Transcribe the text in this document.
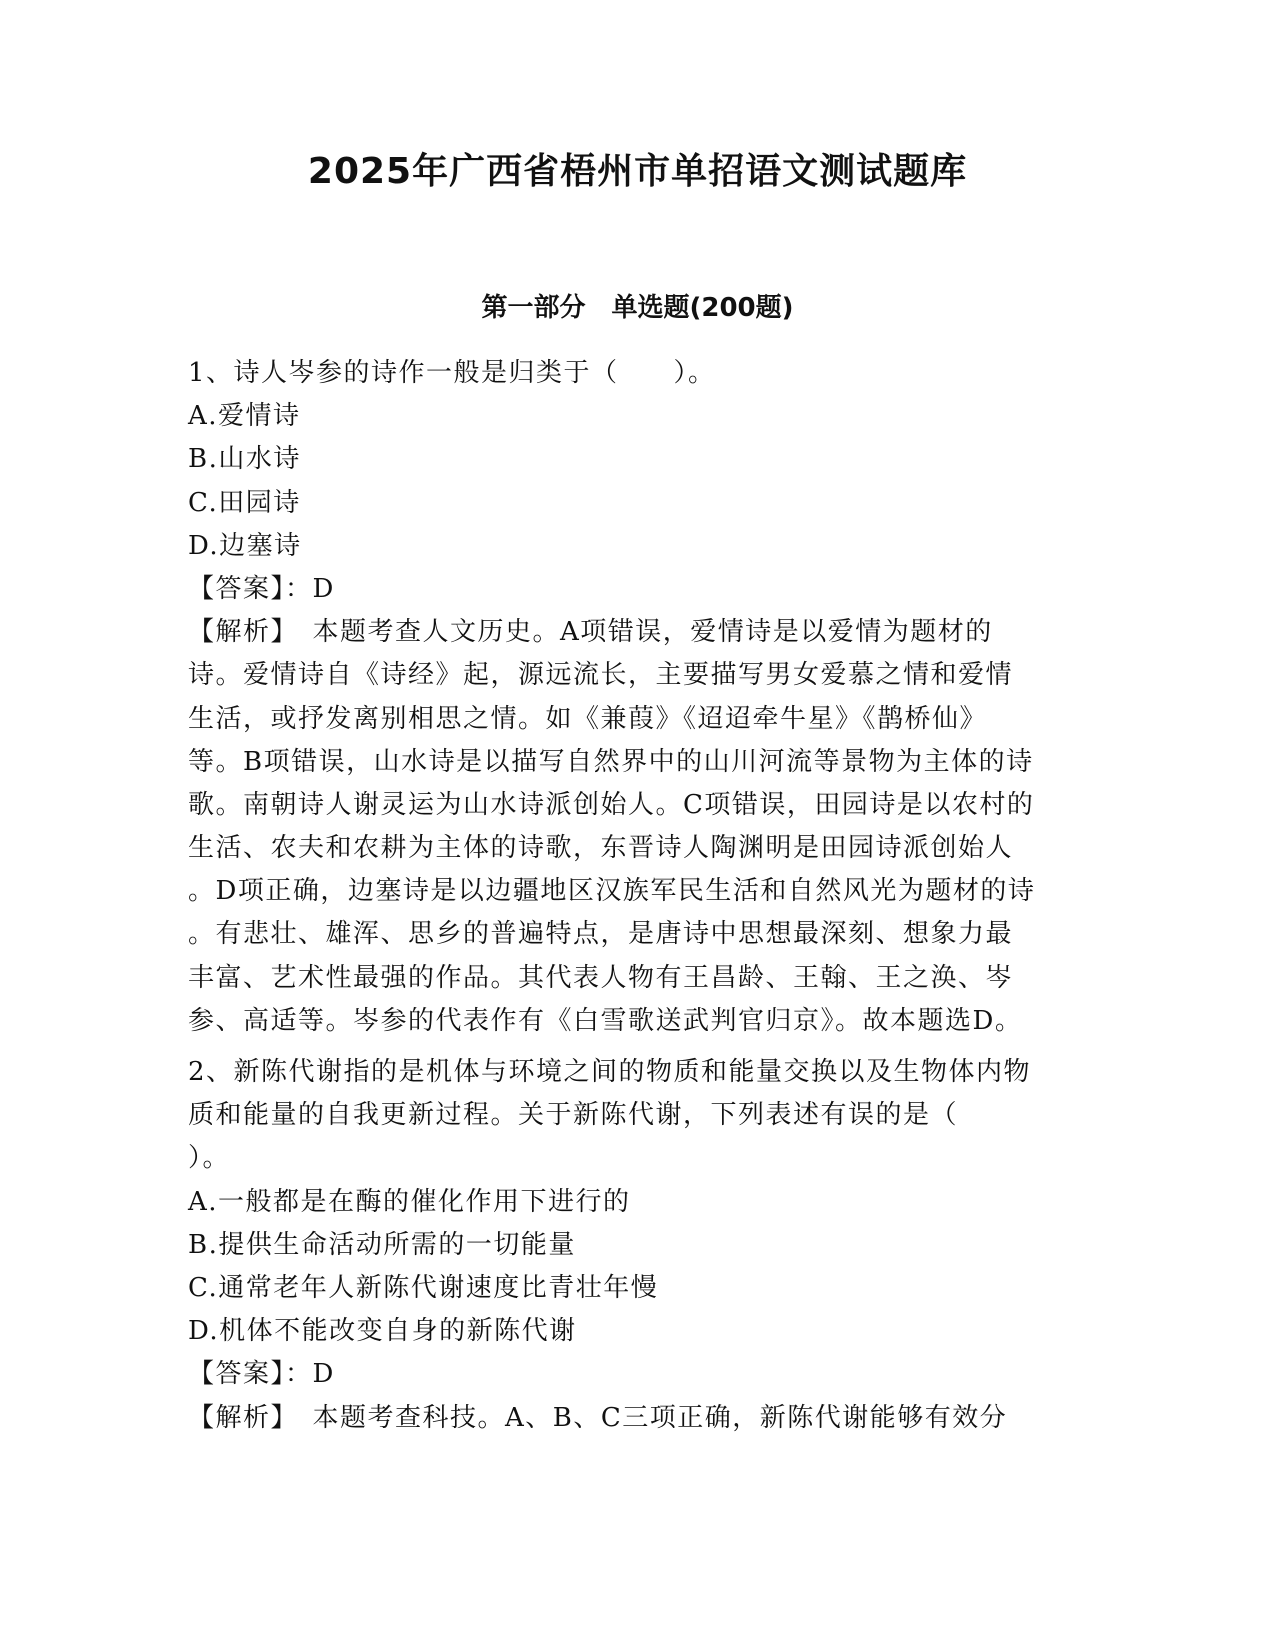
2025年广西省梧州市单招语文测试题库
第一部分　单选题(200题)
1、诗人岑参的诗作一般是归类于（　　）。
A.爱情诗
B.山水诗
C.田园诗
D.边塞诗
【答案】：D
【解析】　本题考查人文历史。A项错误，爱情诗是以爱情为题材的
诗。爱情诗自《诗经》起，源远流长，主要描写男女爱慕之情和爱情
生活，或抒发离别相思之情。如《兼葭》《迢迢牵牛星》《鹊桥仙》
等。B项错误，山水诗是以描写自然界中的山川河流等景物为主体的诗
歌。南朝诗人谢灵运为山水诗派创始人。C项错误，田园诗是以农村的
生活、农夫和农耕为主体的诗歌，东晋诗人陶渊明是田园诗派创始人
。D项正确，边塞诗是以边疆地区汉族军民生活和自然风光为题材的诗
。有悲壮、雄浑、思乡的普遍特点，是唐诗中思想最深刻、想象力最
丰富、艺术性最强的作品。其代表人物有王昌龄、王翰、王之涣、岑
参、高适等。岑参的代表作有《白雪歌送武判官归京》。故本题选D。
2、新陈代谢指的是机体与环境之间的物质和能量交换以及生物体内物
质和能量的自我更新过程。关于新陈代谢，下列表述有误的是（
）。
A.一般都是在酶的催化作用下进行的
B.提供生命活动所需的一切能量
C.通常老年人新陈代谢速度比青壮年慢
D.机体不能改变自身的新陈代谢
【答案】：D
【解析】　本题考查科技。A、B、C三项正确，新陈代谢能够有效分
